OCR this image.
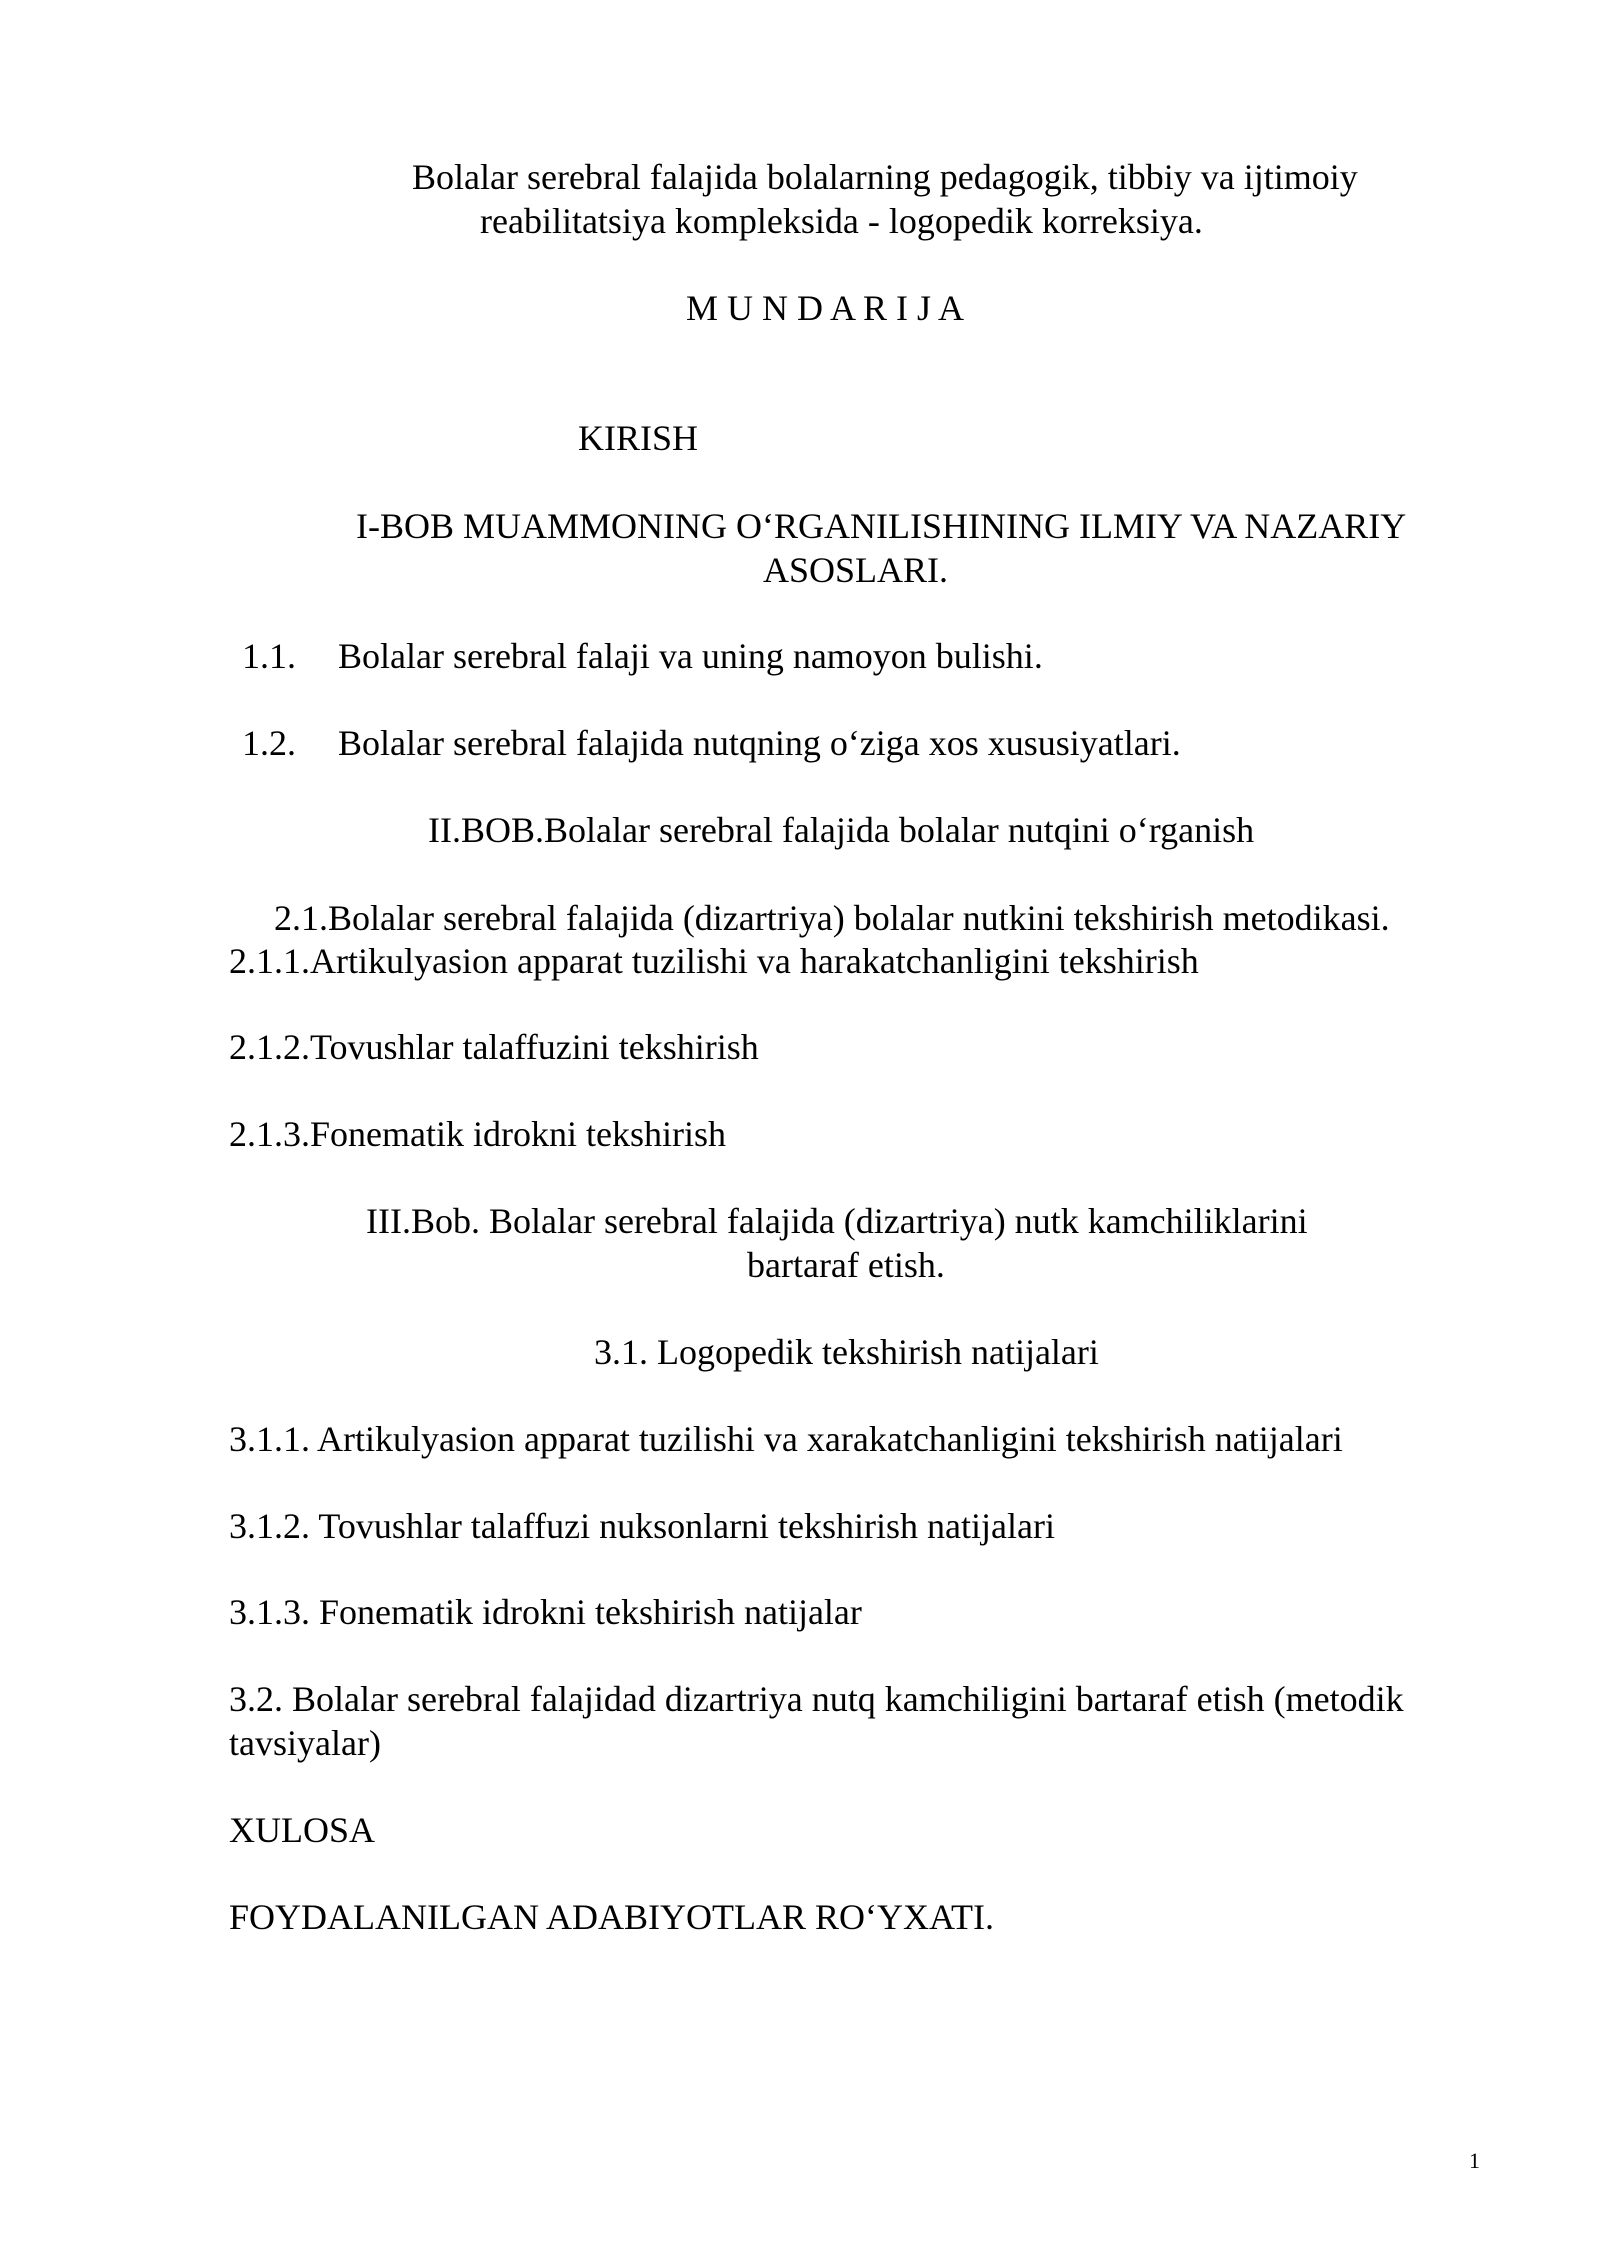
Bolalar serebral falajida bolalarning pedagogik, tibbiy va ijtimoiy

reabilitatsiya kompleksida - logopedik korreksiya.

M U N D A R I J A

KIRISH

I-BOB MUAMMONING O‘RGANILISHINING ILMIY VA NAZARIY

ASOSLARI.

1.1. Bolalar serebral falaji va uning namoyon bulishi.

1.2. Bolalar serebral falajida nutqning o‘ziga xos xususiyatlari.

II.BOB.Bolalar serebral falajida bolalar nutqini o‘rganish

2.1.Bolalar serebral falajida (dizartriya) bolalar nutkini tekshirish metodikasi.

2.1.1.Artikulyasion apparat tuzilishi va harakatchanligini tekshirish

2.1.2.Tovushlar talaffuzini tekshirish

2.1.3.Fonematik idrokni tekshirish

III.Bob. Bolalar serebral falajida (dizartriya) nutk kamchiliklarini

bartaraf etish.

3.1. Logopedik tekshirish natijalari

3.1.1. Artikulyasion apparat tuzilishi va xarakatchanligini tekshirish natijalari

3.1.2. Tovushlar talaffuzi nuksonlarni tekshirish natijalari

3.1.3. Fonematik idrokni tekshirish natijalar

3.2. Bolalar serebral falajidad dizartriya nutq kamchiligini bartaraf etish (metodik

tavsiyalar)

XULOSA

FOYDALANILGAN ADABIYOTLAR RO‘YXATI.

1
